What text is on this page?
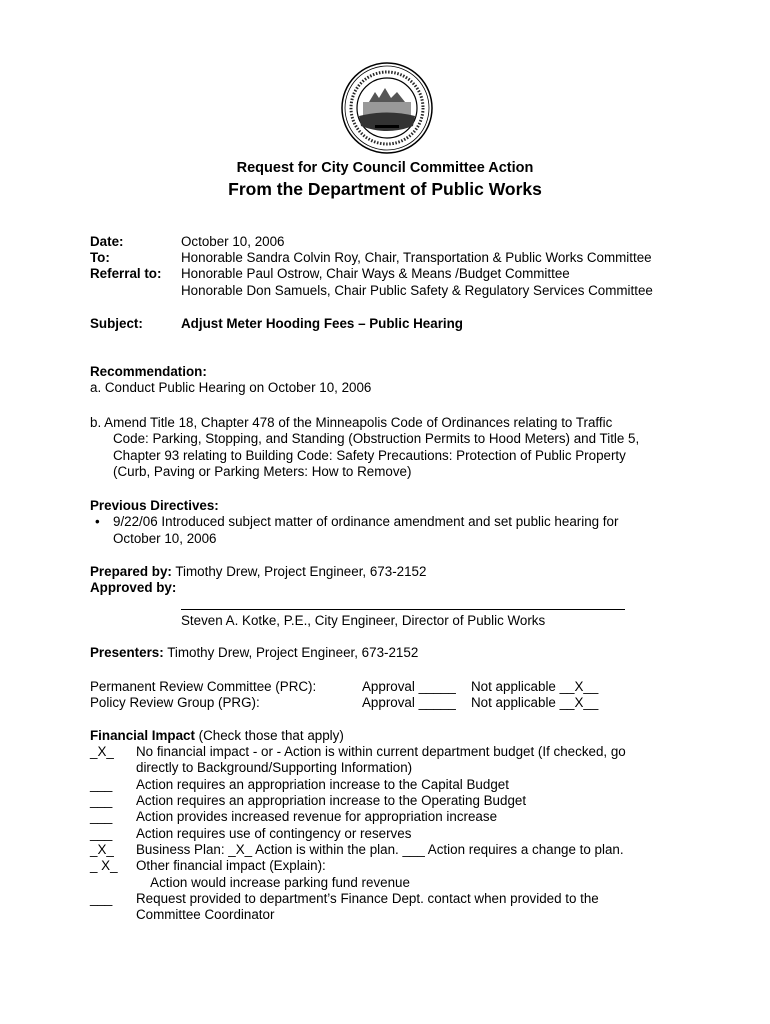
Request for City Council Committee Action
From the Department of Public Works
Date:	October 10, 2006
To:	Honorable Sandra Colvin Roy, Chair, Transportation & Public Works Committee
Referral to: Honorable Paul Ostrow, Chair Ways & Means /Budget Committee
Honorable Don Samuels, Chair Public Safety & Regulatory Services Committee
Subject:	Adjust Meter Hooding Fees – Public Hearing
Recommendation:
a. Conduct Public Hearing on October 10, 2006
b. Amend Title 18, Chapter 478 of the Minneapolis Code of Ordinances relating to Traffic
Code: Parking, Stopping, and Standing (Obstruction Permits to Hood Meters) and Title 5,
Chapter 93 relating to Building Code: Safety Precautions: Protection of Public Property
(Curb, Paving or Parking Meters: How to Remove)
Previous Directives:
• 9/22/06 Introduced subject matter of ordinance amendment and set public hearing for
October 10, 2006
Prepared by: Timothy Drew, Project Engineer, 673-2152
Approved by:
Steven A. Kotke, P.E., City Engineer, Director of Public Works
Presenters: Timothy Drew, Project Engineer, 673-2152
Permanent Review Committee (PRC):	Approval _____ Not applicable __X__
Policy Review Group (PRG):	Approval _____ Not applicable __X__
Financial Impact (Check those that apply)
_X_ No financial impact - or - Action is within current department budget (If checked, go
directly to Background/Supporting Information)
___ Action requires an appropriation increase to the Capital Budget
___ Action requires an appropriation increase to the Operating Budget
___ Action provides increased revenue for appropriation increase
___ Action requires use of contingency or reserves
_X_ Business Plan: _X_ Action is within the plan. ___ Action requires a change to plan.
_ X_ Other financial impact (Explain):
Action would increase parking fund revenue
___ Request provided to department’s Finance Dept. contact when provided to the
Committee Coordinator
